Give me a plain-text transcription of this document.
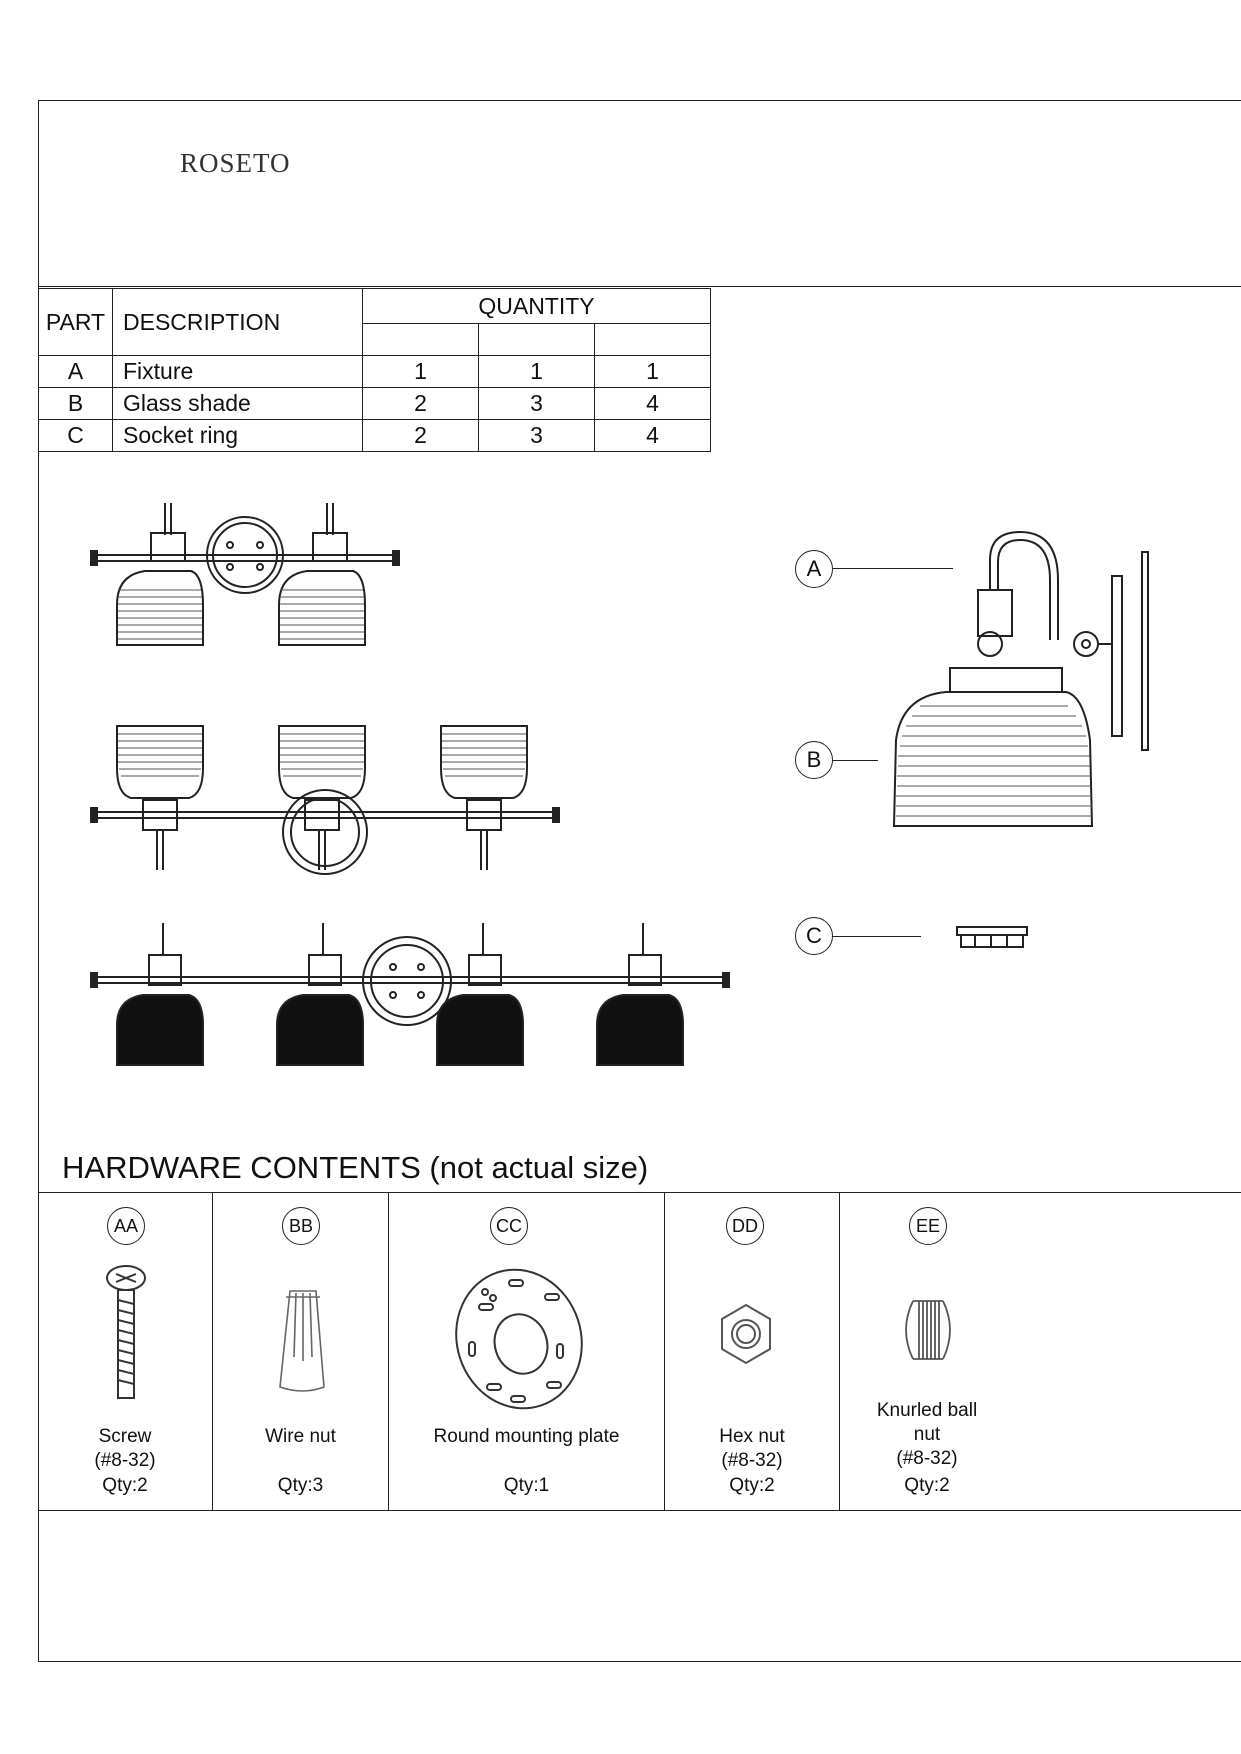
ROSETO
PART	DESCRIPTION	QUANTITY		

A	Fixture	1	1	1
B	Glass shade	2	3	4
C	Socket ring	2	3	4
A
B
C
HARDWARE CONTENTS (not actual size)
AA
Screw
(#8-32)
Qty:2
BB
Wire nut
Qty:3
CC
Round mounting plate
Qty:1
DD
Hex nut
(#8-32)
Qty:2
EE
Knurled ball
nut
(#8-32)
Qty:2
